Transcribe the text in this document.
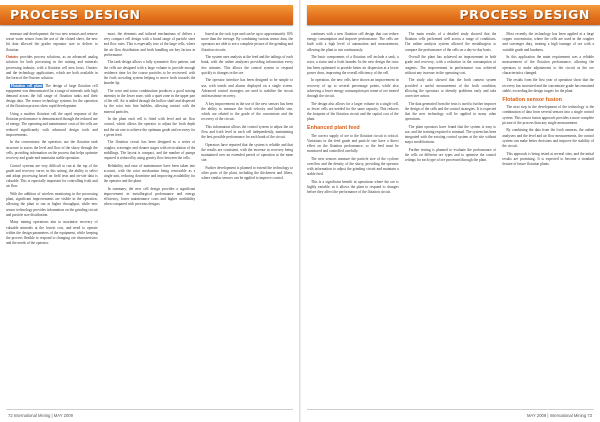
PROCESS DESIGN

measure and development: the two new sensors and remove waste water sensor from the use of the cloned sheet, the new hit data allowed the grader separator size to deliver to flotation.

Outotec provides process solutions, as an advanced analog solution for both processing in the mining and minerals processing industry, with a flotation cell area focus. Outotec and the technology applications, which are both available in the form of the Outotec solution.

Flotation cell plant The design of large flotation cell equipment was demonstrated for a range of minerals with high demand across the full range of flotation tanks and their design data. The sensor technology systems for the operation of the flotation process show rapid development.

Using a modern flotation cell the rapid response of the flotation performance is demonstrated through the reduced use of energy. The operating and maintenance costs of the cells are reduced significantly with advanced design tools and improvements.

In the concentrator the operators use the flotation tank structure to assess the level and flow of the slurry through the cells, providing information on the process that helps optimise recovery and grade and maintains stable operation.

Control systems are very difficult to run at the top of the grade and recovery curve; in this setting, the ability to select and adapt processing based on field tests and on-site data is valuable. This is especially important for controlling froth and air flow.

With the addition of wireless monitoring in the processing plant, significant improvements are visible in the operation, allowing the plant to run at higher throughput, while new sensor technology provides information on the grinding circuit and particle size distribution.

Many mining operations aim to maximise recovery of valuable minerals at the lowest cost, and need to operate within the design parameters of the equipment, while keeping the process flexible to respond to changing ore characteristics and the needs of the operator.

more, the elements and tailored mechanisms of deliver a very compact cell design with a broad range of particle sizes and flow rates. This is especially true of the large cells, where the air flow distribution and froth handling are key factors in performance.

The tank design allows a fully symmetric flow pattern, and the cells are designed with a large volume to provide enough residence time for the coarse particles to be recovered, with the froth crowding system helping to move froth towards the launder lip.

The rotor and stator combination produces a good mixing intensity in the lower zone, with a quiet zone in the upper part of the cell. Air is added through the hollow shaft and dispersed by the rotor into fine bubbles, allowing contact with the mineral particles.

In the plant each cell is fitted with level and air flow control, which allows the operator to adjust the froth depth and the air rate to achieve the optimum grade and recovery for a given feed.

The flotation circuit has been designed as a series of rougher, scavenger and cleaner stages with recirculation of the middlings. The layout is compact, and the number of pumps required is reduced by using gravity flow between the cells.

Reliability and ease of maintenance have been taken into account, with the rotor mechanism being removable as a single unit, reducing downtime and improving availability for the operator and the plant.

In summary, the new cell design provides a significant improvement in metallurgical performance and energy efficiency, lower maintenance costs and higher availability when compared with previous designs.

based on the rock type and can be up to approximately 10% more than the average. By combining various sensor data, the operators are able to see a complete picture of the grinding and flotation circuits.

The system uses analysis at the feed and the tailings of each bank, with the online analysers providing information every few minutes. This allows the control system to respond quickly to changes in the ore.

The operator interface has been designed to be simple to use, with trends and alarms displayed on a single screen. Advanced control strategies are used to stabilise the circuit and maximise recovery.

A key improvement in the use of the new sensors has been the ability to measure the froth velocity and bubble size, which are related to the grade of the concentrate and the recovery of the circuit.

This information allows the control system to adjust the air flow and froth level in each cell independently, maintaining the best possible performance for each bank of the circuit.

Operators have reported that the system is reliable and that the results are consistent, with the increase in recovery being maintained over an extended period of operation at the mine site.

Further development is planned to extend the technology to other parts of the plant, including the thickeners and filters, where similar sensors can be applied to improve control.

72 International Mining | MAY 2009
PROCESS DESIGN

continues with a new flotation cell design that can reduce energy consumption and improve performance. The cells are built with a high level of automation and measurement, allowing the plant to run continuously.

The basic components of a flotation cell include a tank, a rotor, a stator and a froth launder. In the new design the rotor has been optimised to provide better air dispersion at a lower power draw, improving the overall efficiency of the cell.

In operation, the new cells have shown an improvement in recovery of up to several percentage points, while also achieving a lower energy consumption per tonne of ore treated through the circuit.

The design also allows for a larger volume in a single cell, so fewer cells are needed for the same capacity. This reduces the footprint of the flotation circuit and the capital cost of the plant.

Enhanced plant feed

The correct supply of ore to the flotation circuit is critical. Variations in the feed grade and particle size have a direct effect on the flotation performance, so the feed must be monitored and controlled carefully.

The new sensors measure the particle size of the cyclone overflow and the density of the slurry, providing the operator with information to adjust the grinding circuit and maintain a stable feed.

This is a significant benefit in operations where the ore is highly variable, as it allows the plant to respond to changes before they affect the performance of the flotation circuit.

The main results of a detailed study showed that the flotation cells performed well across a range of conditions. The online analysis system allowed the metallurgists to compare the performance of the cells on a day-to-day basis.

Overall the plant has achieved an improvement in both grade and recovery, with a reduction in the consumption of reagents. The improvement in performance was achieved without any increase in the operating cost.

The study also showed that the froth camera system provided a useful measurement of the froth condition, allowing the operators to identify problems early and take corrective action.

The data generated from the tests is used to further improve the design of the cells and the control strategies. It is expected that the new technology will be applied in many other operations.

The plant operators have found that the system is easy to use, and the training required is minimal. The system has been integrated with the existing control system at the site without major modifications.

Further testing is planned to evaluate the performance of the cells on different ore types and to optimise the control settings for each type of ore processed through the plant.

Most recently the technology has been applied at a large copper concentrator, where the cells are used in the rougher and scavenger duty, treating a high tonnage of ore with a variable grade and hardness.

In this application the main requirement was a reliable measurement of the flotation performance, allowing the operators to make adjustments to the circuit as the ore characteristics changed.

The results from the first year of operation show that the recovery has increased and the concentrate grade has remained stable, exceeding the design targets for the plant.

Flotation sensor fusion

The next step in the development of the technology is the combination of data from several sensors into a single control system. This sensor fusion approach provides a more complete picture of the process than any single measurement.

By combining the data from the froth cameras, the online analysers and the level and air flow measurements, the control system can make better decisions and improve the stability of the circuit.

This approach is being tested at several sites, and the initial results are promising. It is expected to become a standard feature of future flotation plants.

MAY 2009 | International Mining 73
